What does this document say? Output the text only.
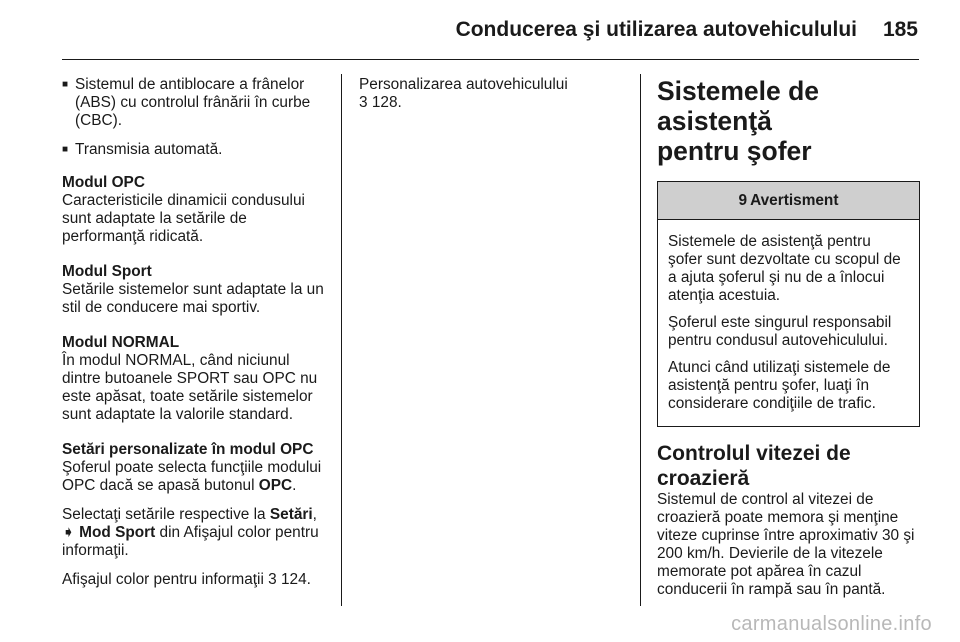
Conducerea şi utilizarea autovehiculului 185
■ Sistemul de antiblocare a frânelor (ABS) cu controlul frânării în curbe (CBC).
■ Transmisia automată.
Modul OPC
Caracteristicile dinamicii condusului sunt adaptate la setările de performanţă ridicată.
Modul Sport
Setările sistemelor sunt adaptate la un stil de conducere mai sportiv.
Modul NORMAL
În modul NORMAL, când niciunul dintre butoanele SPORT sau OPC nu este apăsat, toate setările sistemelor sunt adaptate la valorile standard.
Setări personalizate în modul OPC

Şoferul poate selecta funcţiile modului OPC dacă se apasă butonul OPC.

Selectaţi setările respective la Setări,
➧ Mod Sport din Afişajul color pentru informaţii.

Afişajul color pentru informaţii 3 124.

Personalizarea autovehiculului
3 128.	Sistemele de asistenţă
pentru şofer
9 Avertisment

Sistemele de asistenţă pentru şofer sunt dezvoltate cu scopul de a ajuta şoferul şi nu de a înlocui atenţia acestuia.

Şoferul este singurul responsabil pentru condusul autovehiculului.

Atunci când utilizaţi sistemele de asistenţă pentru şofer, luaţi în considerare condiţiile de trafic.

Controlul vitezei de
croazieră
Sistemul de control al vitezei de croazieră poate memora şi menţine viteze cuprinse între aproximativ 30 şi 200 km/h. Devierile de la vitezele memorate pot apărea în cazul conducerii în rampă sau în pantă.
carmanualsonline.info
